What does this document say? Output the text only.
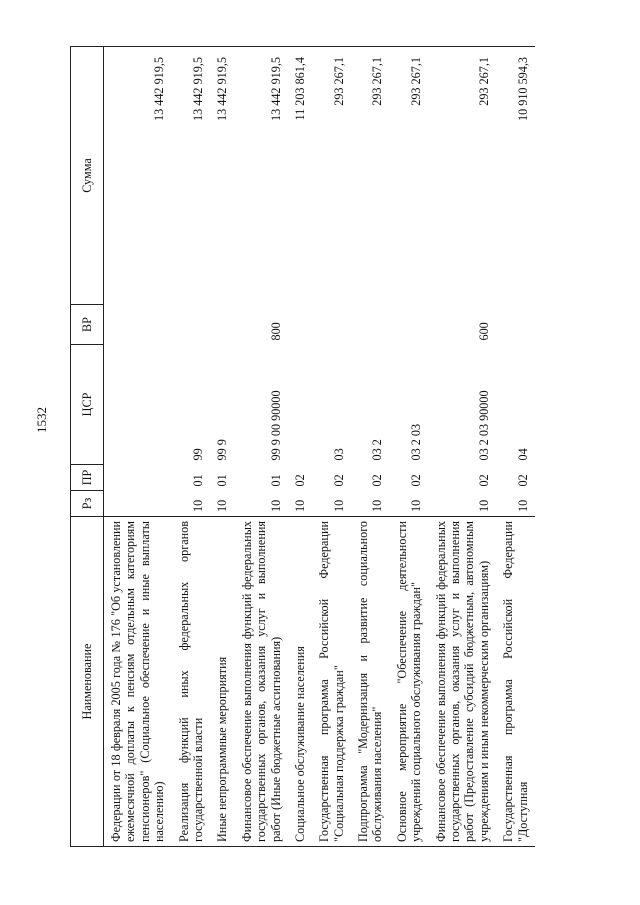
1532
Наименование	Рз	ПР	ЦСР	ВР	Сумма
Федерации от 18 февраля 2005 года № 176 "Об установлении ежемесячной доплаты к пенсиям отдельным категориям пенсионеров" (Социальное обеспечение и иные выплаты населению)					13 442 919,5
Реализация функций иных федеральных органов государственной власти	10	01	99		13 442 919,5
Иные непрограммные мероприятия	10	01	99 9		13 442 919,5
Финансовое обеспечение выполнения функций федеральных государственных органов, оказания услуг и выполнения работ (Иные бюджетные ассигнования)	10	01	99 9 00 90000	800	13 442 919,5
Социальное обслуживание населения	10	02			11 203 861,4
Государственная программа Российской Федерации "Социальная поддержка граждан"	10	02	03		293 267,1
Подпрограмма "Модернизация и развитие социального обслуживания населения"	10	02	03 2		293 267,1
Основное мероприятие "Обеспечение деятельности учреждений социального обслуживания граждан"	10	02	03 2 03		293 267,1
Финансовое обеспечение выполнения функций федеральных государственных органов, оказания услуг и выполнения работ (Предоставление субсидий бюджетным, автономным учреждениям и иным некоммерческим организациям)	10	02	03 2 03 90000	600	293 267,1
Государственная программа Российской Федерации "Доступная	10	02	04		10 910 594,3
